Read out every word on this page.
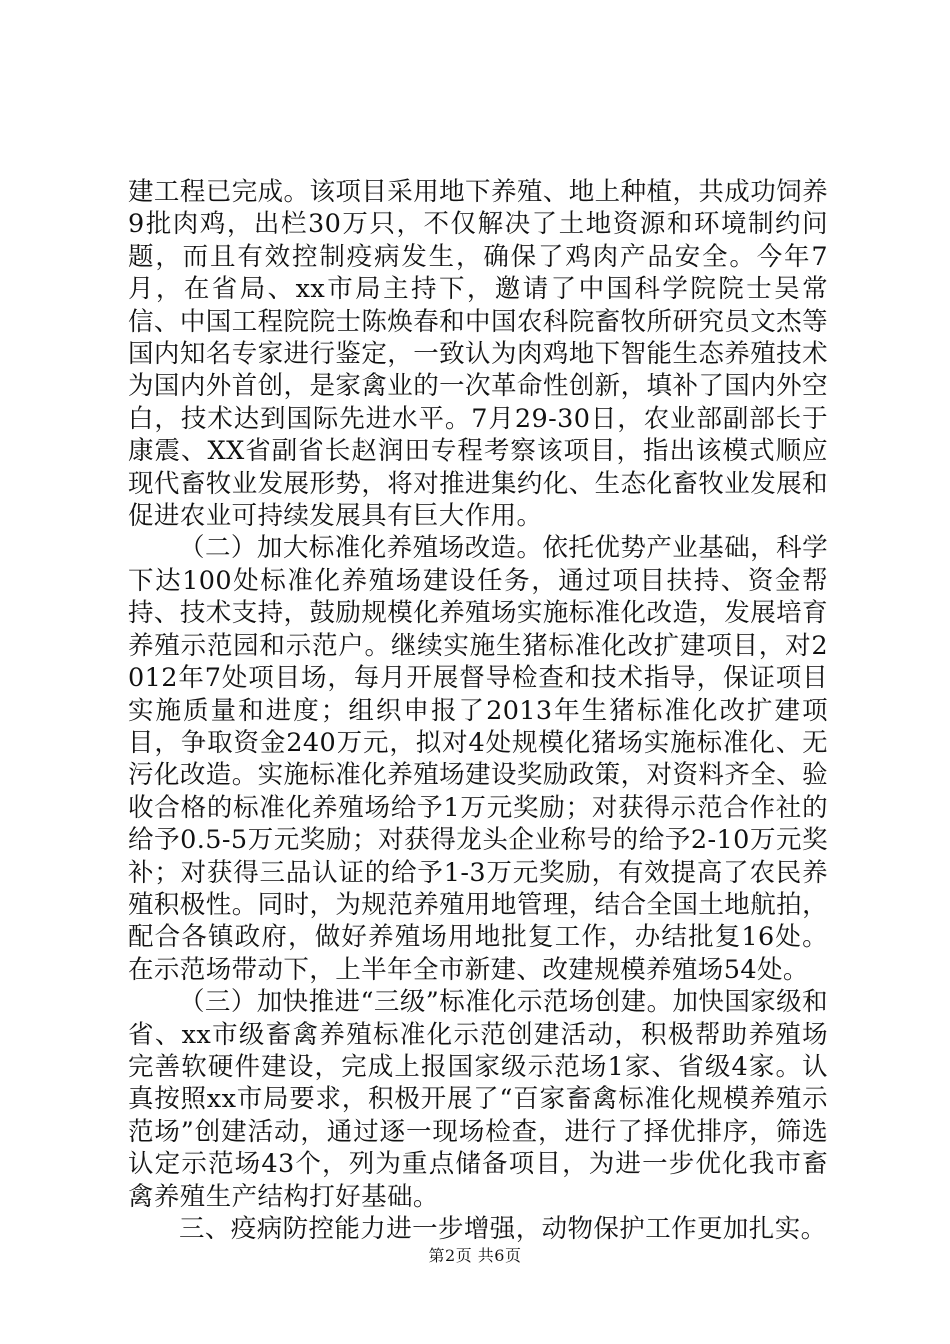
建工程已完成。该项目采用地下养殖、地上种植，共成功饲养9批肉鸡，出栏30万只，不仅解决了土地资源和环境制约问题，而且有效控制疫病发生，确保了鸡肉产品安全。今年7月，在省局、xx市局主持下，邀请了中国科学院院士吴常信、中国工程院院士陈焕春和中国农科院畜牧所研究员文杰等国内知名专家进行鉴定，一致认为肉鸡地下智能生态养殖技术为国内外首创，是家禽业的一次革命性创新，填补了国内外空白，技术达到国际先进水平。7月29-30日，农业部副部长于康震、XX省副省长赵润田专程考察该项目，指出该模式顺应现代畜牧业发展形势，将对推进集约化、生态化畜牧业发展和促进农业可持续发展具有巨大作用。

（二）加大标准化养殖场改造。依托优势产业基础，科学下达100处标准化养殖场建设任务，通过项目扶持、资金帮持、技术支持，鼓励规模化养殖场实施标准化改造，发展培育养殖示范园和示范户。继续实施生猪标准化改扩建项目，对2012年7处项目场，每月开展督导检查和技术指导，保证项目实施质量和进度；组织申报了2013年生猪标准化改扩建项目，争取资金240万元，拟对4处规模化猪场实施标准化、无污化改造。实施标准化养殖场建设奖励政策，对资料齐全、验收合格的标准化养殖场给予1万元奖励；对获得示范合作社的给予0.5-5万元奖励；对获得龙头企业称号的给予2-10万元奖补；对获得三品认证的给予1-3万元奖励，有效提高了农民养殖积极性。同时，为规范养殖用地管理，结合全国土地航拍，配合各镇政府，做好养殖场用地批复工作，办结批复16处。在示范场带动下，上半年全市新建、改建规模养殖场54处。

（三）加快推进“三级”标准化示范场创建。加快国家级和省、xx市级畜禽养殖标准化示范创建活动，积极帮助养殖场完善软硬件建设，完成上报国家级示范场1家、省级4家。认真按照xx市局要求，积极开展了“百家畜禽标准化规模养殖示范场”创建活动，通过逐一现场检查，进行了择优排序，筛选认定示范场43个，列为重点储备项目，为进一步优化我市畜禽养殖生产结构打好基础。

三、疫病防控能力进一步增强，动物保护工作更加扎实。

第2页 共6页
